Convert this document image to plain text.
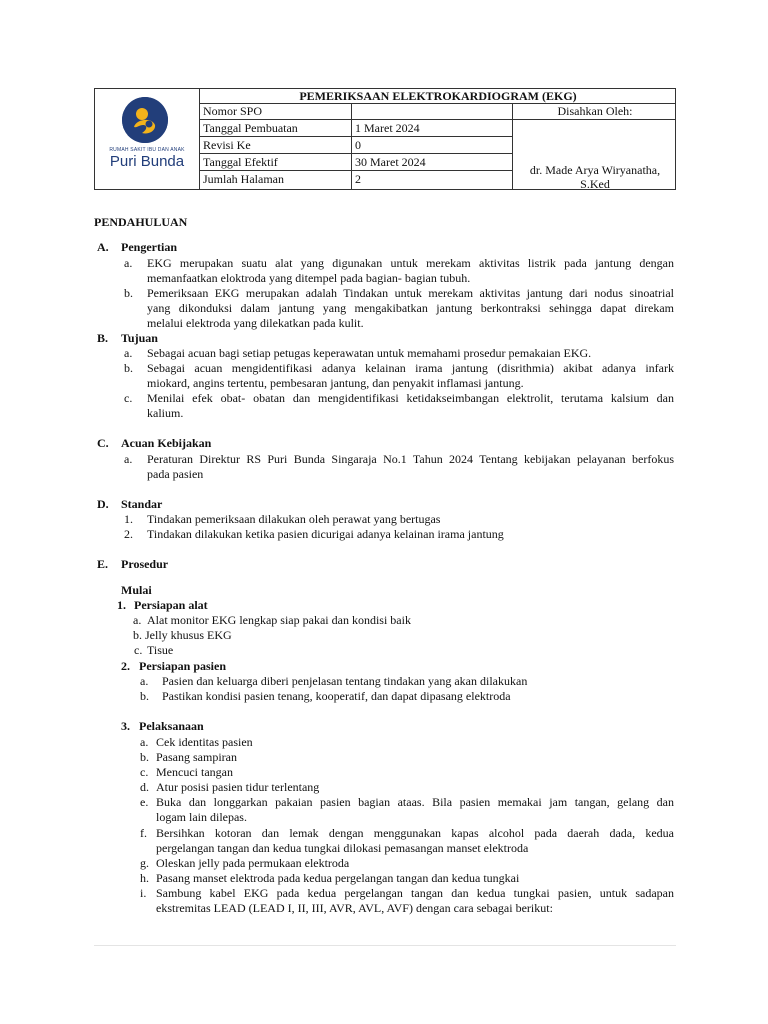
RUMAH SAKIT IBU DAN ANAK
Puri Bunda
PEMERIKSAAN ELEKTROKARDIOGRAM (EKG)
Nomor SPO
Tanggal Pembuatan	1 Maret 2024
Revisi Ke	0
Tanggal Efektif	30 Maret 2024
Jumlah Halaman	2
Disahkan Oleh:
dr. Made Arya Wiryanatha,
S.Ked
PENDAHULUAN
A. Pengertian
a. EKG merupakan suatu alat yang digunakan untuk merekam aktivitas listrik pada jantung dengan
memanfaatkan eloktroda yang ditempel pada bagian- bagian tubuh.
b. Pemeriksaan EKG merupakan adalah Tindakan untuk merekam aktivitas jantung dari nodus sinoatrial
yang dikonduksi dalam jantung yang mengakibatkan jantung berkontraksi sehingga dapat direkam
melalui elektroda yang dilekatkan pada kulit.
B. Tujuan
a. Sebagai acuan bagi setiap petugas keperawatan untuk memahami prosedur pemakaian EKG.
b. Sebagai acuan mengidentifikasi adanya kelainan irama jantung (disrithmia) akibat adanya infark
miokard, angins tertentu, pembesaran jantung, dan penyakit inflamasi jantung.
c. Menilai efek obat- obatan dan mengidentifikasi ketidakseimbangan elektrolit, terutama kalsium dan
kalium.
C. Acuan Kebijakan
a. Peraturan Direktur RS Puri Bunda Singaraja No.1 Tahun 2024 Tentang kebijakan pelayanan berfokus
pada pasien
D. Standar
1. Tindakan pemeriksaan dilakukan oleh perawat yang bertugas
2. Tindakan dilakukan ketika pasien dicurigai adanya kelainan irama jantung
E. Prosedur
Mulai
1. Persiapan alat
a. Alat monitor EKG lengkap siap pakai dan kondisi baik
b. Jelly khusus EKG
c. Tisue
2. Persiapan pasien
a. Pasien dan keluarga diberi penjelasan tentang tindakan yang akan dilakukan
b. Pastikan kondisi pasien tenang, kooperatif, dan dapat dipasang elektroda
3. Pelaksanaan
a. Cek identitas pasien
b. Pasang sampiran
c. Mencuci tangan
d. Atur posisi pasien tidur terlentang
e. Buka dan longgarkan pakaian pasien bagian ataas. Bila pasien memakai jam tangan, gelang dan
logam lain dilepas.
f. Bersihkan kotoran dan lemak dengan menggunakan kapas alcohol pada daerah dada, kedua
pergelangan tangan dan kedua tungkai dilokasi pemasangan manset elektroda
g. Oleskan jelly pada permukaan elektroda
h. Pasang manset elektroda pada kedua pergelangan tangan dan kedua tungkai
i. Sambung kabel EKG pada kedua pergelangan tangan dan kedua tungkai pasien, untuk sadapan
ekstremitas LEAD (LEAD I, II, III, AVR, AVL, AVF) dengan cara sebagai berikut:
